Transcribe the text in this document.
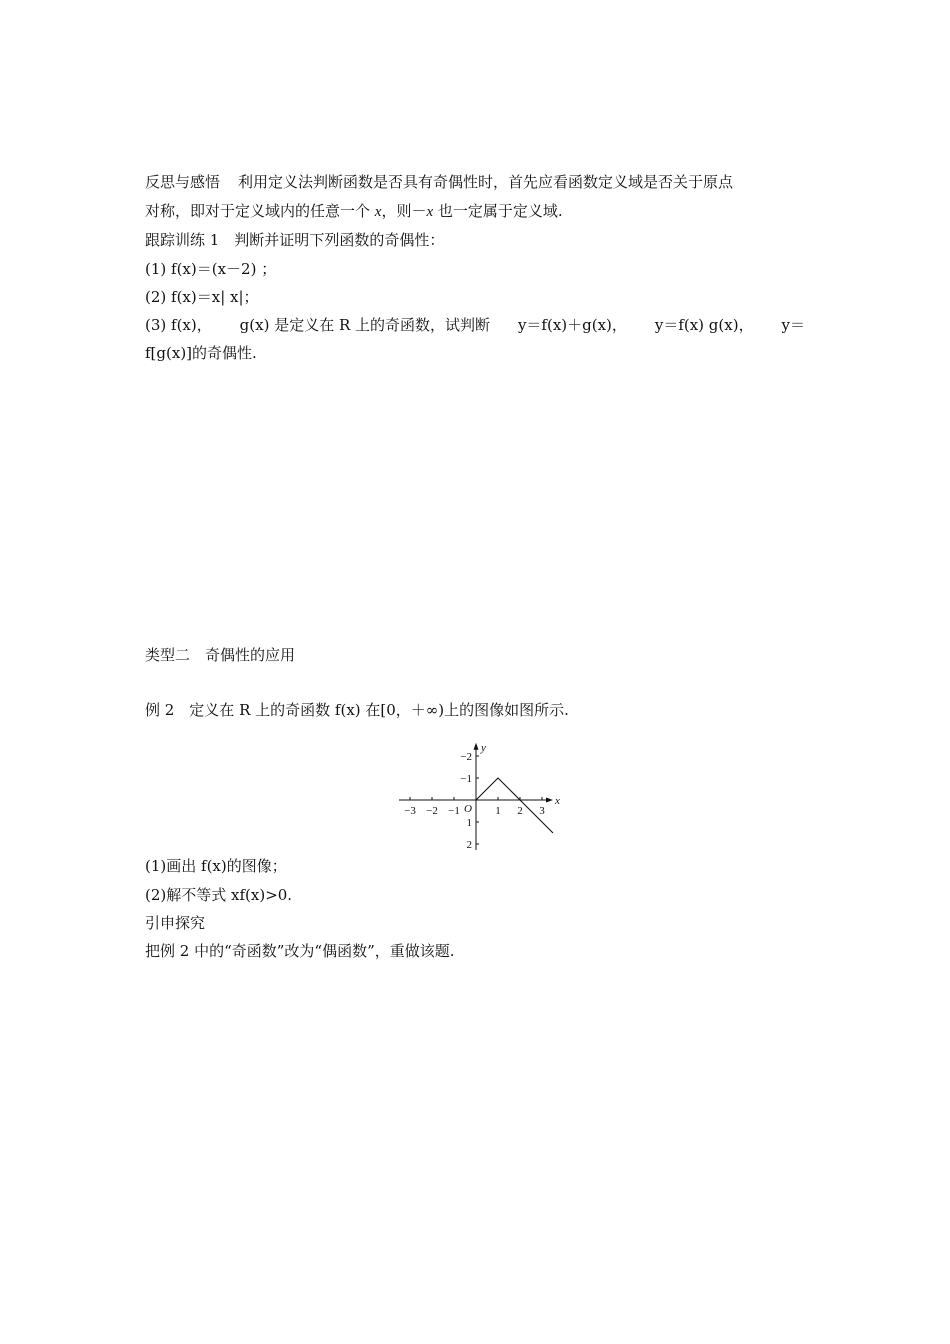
反思与感悟 利用定义法判断函数是否具有奇偶性时，首先应看函数定义域是否关于原点
对称，即对于定义域内的任意一个 x，则－x 也一定属于定义域.
跟踪训练 1　判断并证明下列函数的奇偶性：
(1) f(x)＝(x－2) ；
(2) f(x)＝x| x|；
(3) f(x)， g(x) 是定义在 R 上的奇函数，试判断 y＝f(x)＋g(x)， y＝f(x) g(x)， y＝
f[g(x)]的奇偶性.
类型二　奇偶性的应用
例 2　定义在 R 上的奇函数 f(x) 在[0，＋∞)上的图像如图所示.
−3 −2 −1	1 2 3
2
1
−1
−2
O
x
y
(1)画出 f(x)的图像；
(2)解不等式 xf(x)>0.
引申探究
把例 2 中的“奇函数”改为“偶函数”，重做该题.
